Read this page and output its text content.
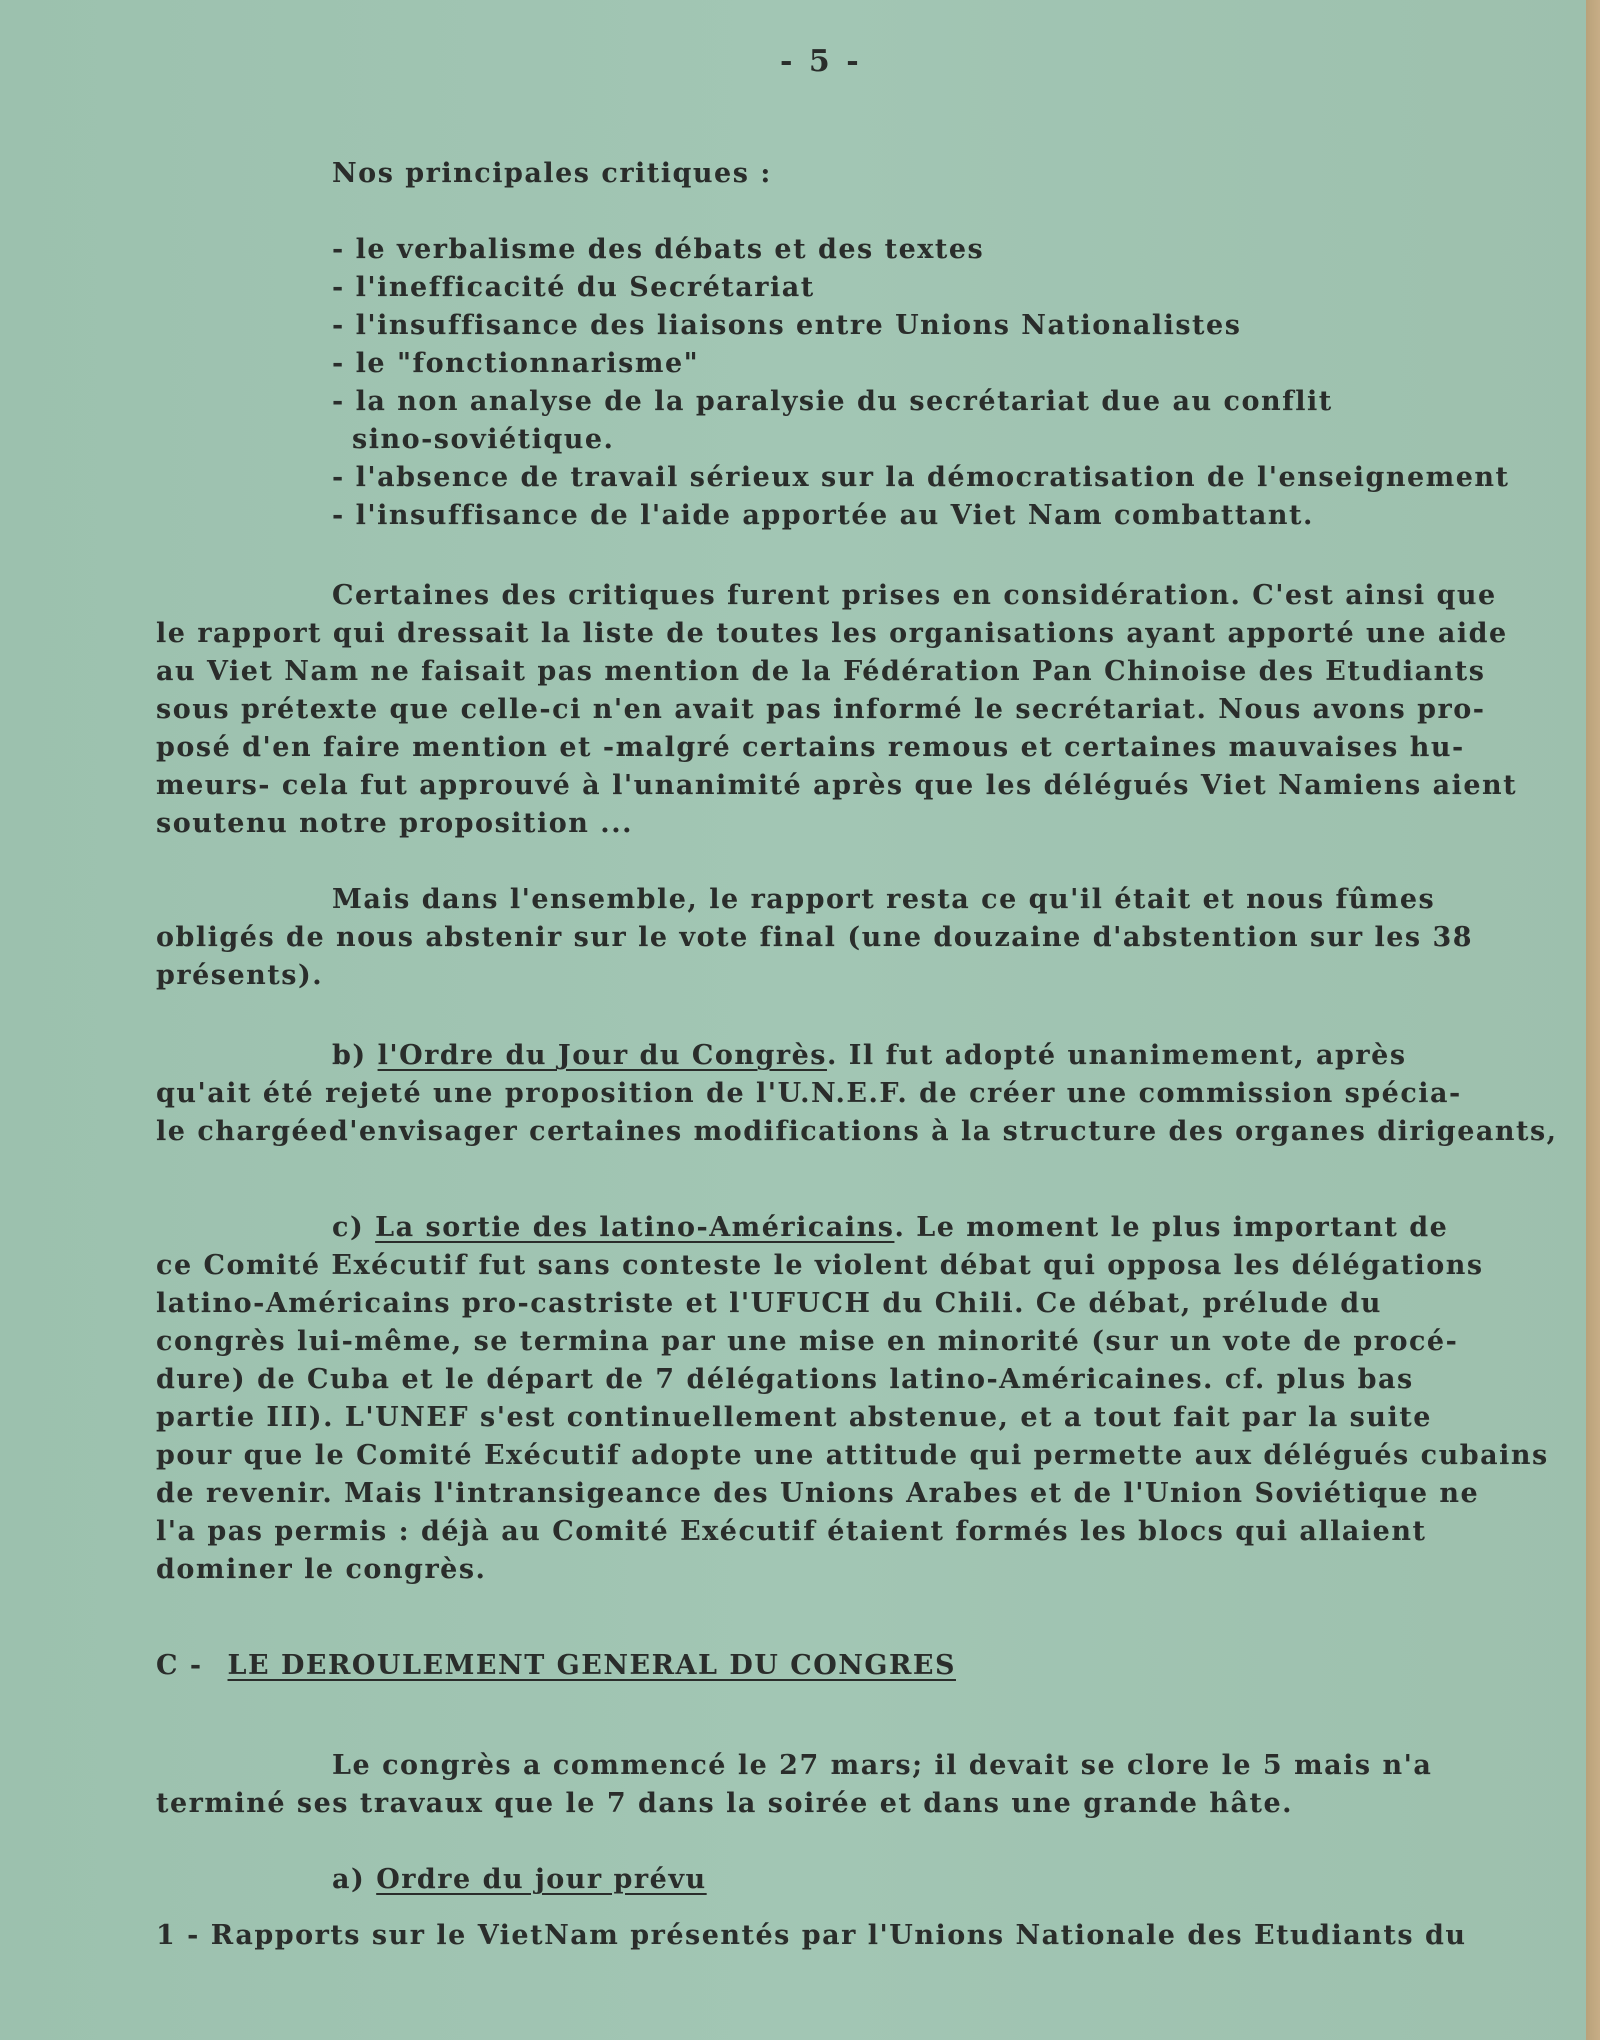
- 5 -
Nos principales critiques :
- le verbalisme des débats et des textes
- l'inefficacité du Secrétariat
- l'insuffisance des liaisons entre Unions Nationalistes
- le "fonctionnarisme"
- la non analyse de la paralysie du secrétariat due au conflit
sino-soviétique.
- l'absence de travail sérieux sur la démocratisation de l'enseignement
- l'insuffisance de l'aide apportée au Viet Nam combattant.
Certaines des critiques furent prises en considération. C'est ainsi que
le rapport qui dressait la liste de toutes les organisations ayant apporté une aide
au Viet Nam ne faisait pas mention de la Fédération Pan Chinoise des Etudiants
sous prétexte que celle-ci n'en avait pas informé le secrétariat. Nous avons pro-
posé d'en faire mention et -malgré certains remous et certaines mauvaises hu-
meurs- cela fut approuvé à l'unanimité après que les délégués Viet Namiens aient
soutenu notre proposition ...
Mais dans l'ensemble, le rapport resta ce qu'il était et nous fûmes
obligés de nous abstenir sur le vote final (une douzaine d'abstention sur les 38
présents).
b) l'Ordre du Jour du Congrès. Il fut adopté unanimement, après
qu'ait été rejeté une proposition de l'U.N.E.F. de créer une commission spécia-
le chargéed'envisager certaines modifications à la structure des organes dirigeants,
c) La sortie des latino-Américains. Le moment le plus important de
ce Comité Exécutif fut sans conteste le violent débat qui opposa les délégations
latino-Américains pro-castriste et l'UFUCH du Chili. Ce débat, prélude du
congrès lui-même, se termina par une mise en minorité (sur un vote de procé-
dure) de Cuba et le départ de 7 délégations latino-Américaines. cf. plus bas
partie III). L'UNEF s'est continuellement abstenue, et a tout fait par la suite
pour que le Comité Exécutif adopte une attitude qui permette aux délégués cubains
de revenir. Mais l'intransigeance des Unions Arabes et de l'Union Soviétique ne
l'a pas permis : déjà au Comité Exécutif étaient formés les blocs qui allaient
dominer le congrès.
C - LE DEROULEMENT GENERAL DU CONGRES
Le congrès a commencé le 27 mars; il devait se clore le 5 mais n'a
terminé ses travaux que le 7 dans la soirée et dans une grande hâte.
a) Ordre du jour prévu
1 - Rapports sur le VietNam présentés par l'Unions Nationale des Etudiants du
